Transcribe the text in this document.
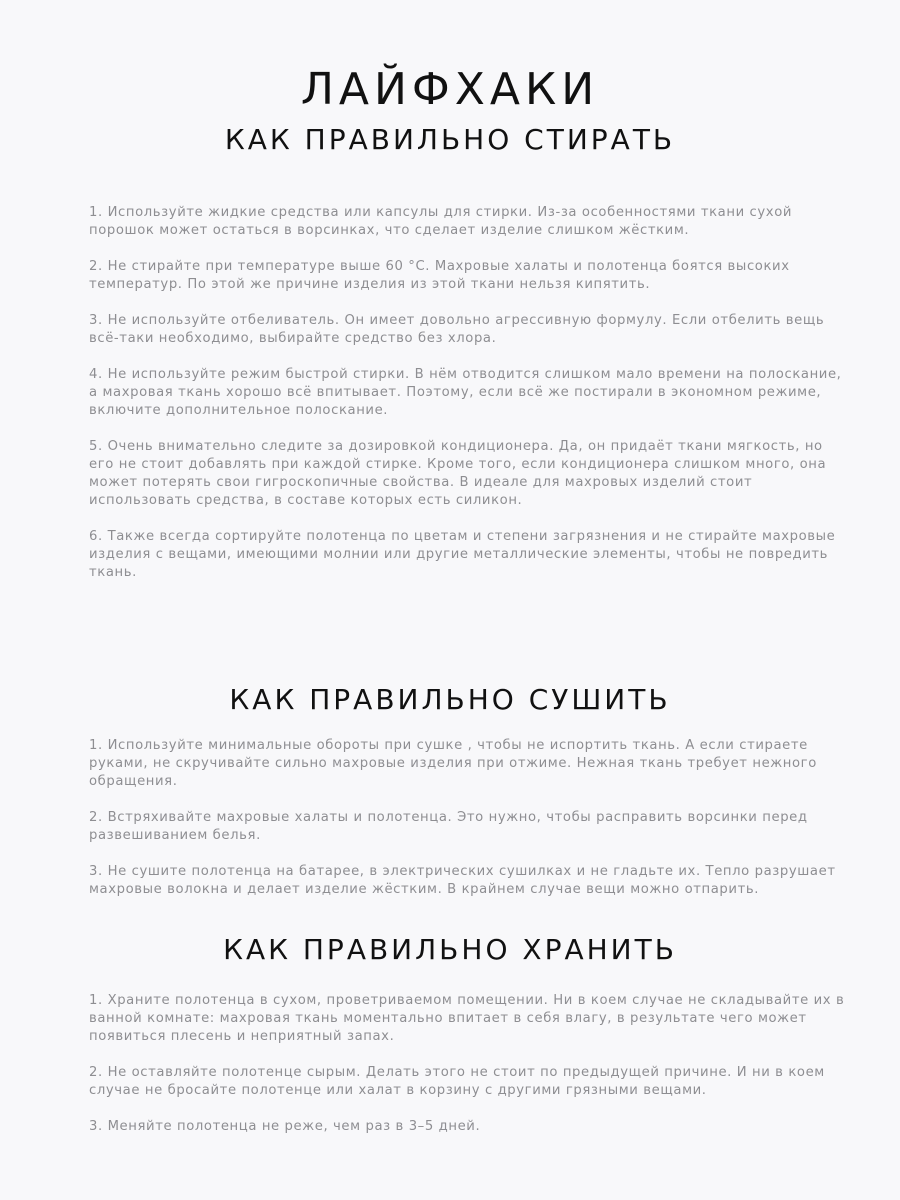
ЛАЙФХАКИ
КАК ПРАВИЛЬНО СТИРАТЬ

1. Используйте жидкие средства или капсулы для стирки. Из-за особенностями ткани сухой порошок может остаться в ворсинках, что сделает изделие слишком жёстким.

2. Не стирайте при температуре выше 60 °C. Махровые халаты и полотенца боятся высоких температур. По этой же причине изделия из этой ткани нельзя кипятить.

3. Не используйте отбеливатель. Он имеет довольно агрессивную формулу. Если отбелить вещь всё-таки необходимо, выбирайте средство без хлора.

4. Не используйте режим быстрой стирки. В нём отводится слишком мало времени на полоскание, а махровая ткань хорошо всё впитывает. Поэтому, если всё же постирали в экономном режиме, включите дополнительное полоскание.

5. Очень внимательно следите за дозировкой кондиционера. Да, он придаёт ткани мягкость, но его не стоит добавлять при каждой стирке. Кроме того, если кондиционера слишком много, она может потерять свои гигроскопичные свойства. В идеале для махровых изделий стоит использовать средства, в составе которых есть силикон.

6. Также всегда сортируйте полотенца по цветам и степени загрязнения и не стирайте махровые изделия с вещами, имеющими молнии или другие металлические элементы, чтобы не повредить ткань.

КАК ПРАВИЛЬНО СУШИТЬ

1. Используйте минимальные обороты при сушке , чтобы не испортить ткань. А если стираете руками, не скручивайте сильно махровые изделия при отжиме. Нежная ткань требует нежного обращения.

2. Встряхивайте махровые халаты и полотенца. Это нужно, чтобы расправить ворсинки перед развешиванием белья.

3. Не сушите полотенца на батарее, в электрических сушилках и не гладьте их. Тепло разрушает махровые волокна и делает изделие жёстким. В крайнем случае вещи можно отпарить.

КАК ПРАВИЛЬНО ХРАНИТЬ

1. Храните полотенца в сухом, проветриваемом помещении. Ни в коем случае не складывайте их в ванной комнате: махровая ткань моментально впитает в себя влагу, в результате чего может появиться плесень и неприятный запах.

2. Не оставляйте полотенце сырым. Делать этого не стоит по предыдущей причине. И ни в коем случае не бросайте полотенце или халат в корзину с другими грязными вещами.

3. Меняйте полотенца не реже, чем раз в 3–5 дней.
